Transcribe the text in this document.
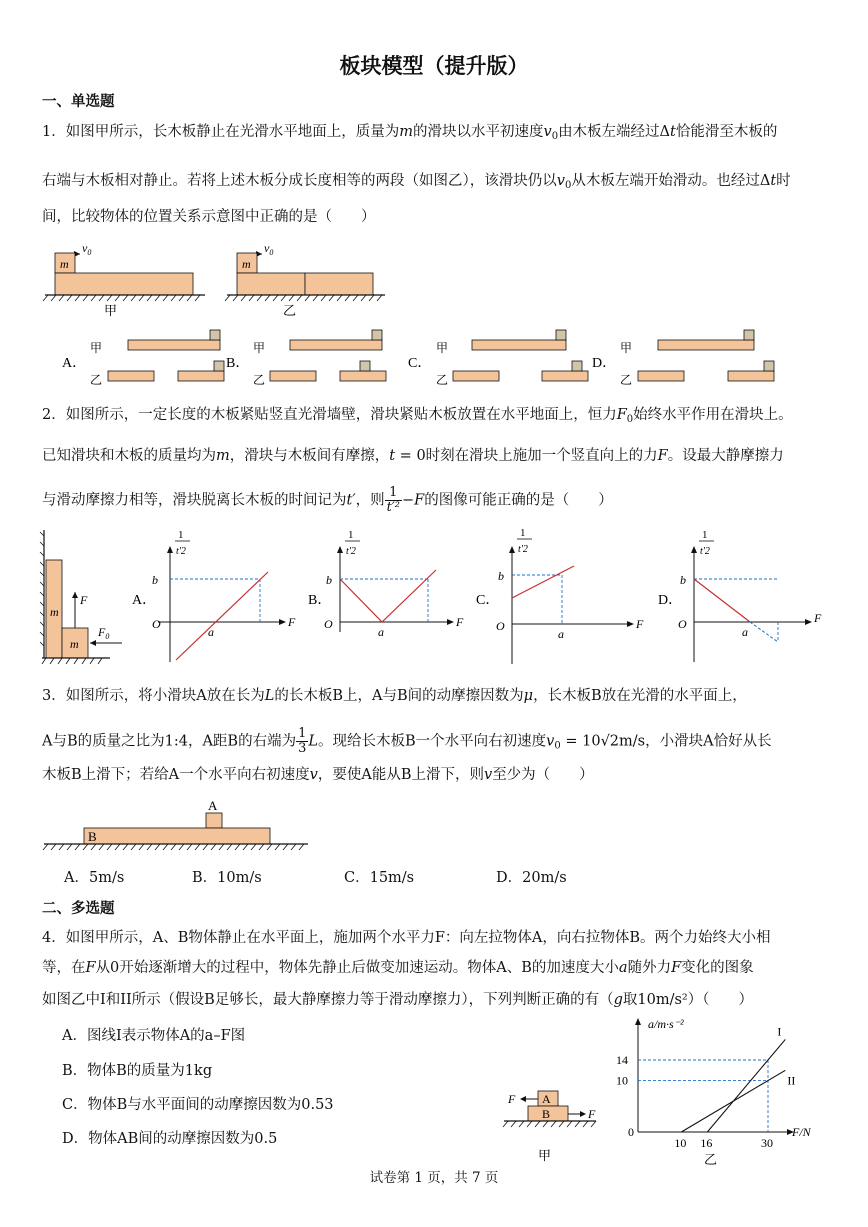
板块模型（提升版）
一、单选题
1．如图甲所示，长木板静止在光滑水平地面上，质量为m的滑块以水平初速度$v_0$由木板左端经过Δt恰能滑至木板的
右端与木板相对静止。若将上述木板分成长度相等的两段（如图乙），该滑块仍以$v_0$从木板左端开始滑动。也经过Δt时
间，比较物体的位置关系示意图中正确的是（　　）
$v_0$
m
甲
$v_0$
m
乙
甲
乙
A．	B．
甲
乙
C．
甲
乙
D．
甲
乙
2．如图所示，一定长度的木板紧贴竖直光滑墙壁，滑块紧贴木板放置在水平地面上，恒力$F_0$始终水平作用在滑块上。
已知滑块和木板的质量均为m，滑块与木板间有摩擦，t = 0时刻在滑块上施加一个竖直向上的力F。设最大静摩擦力
与滑动摩擦力相等，滑块脱离长木板的时间记为t′，则 $\frac{1}{\text{t′²}} -F$的图像可能正确的是（　　）
m
m
F
$F_0$
A．
1
t'2
b
O
a
F
B．
1
t'2
b
O
a
F
C．
1
t'2
b
O
a
F
D．
1
t'2
b
O
a
F
3．如图所示，将小滑块A放在长为L的长木板B上，A与B间的动摩擦因数为μ，长木板B放在光滑的水平面上，
A与B的质量之比为1:4，A距B的右端为 $\frac{1}{3}$ L。现给长木板B一个水平向右初速度$v_0 = 10√2m/s$，小滑块A恰好从长
木板B上滑下；若给A一个水平向右初速度v，要使A能从B上滑下，则v至少为（　　）
A
B
A．5m/s	B．10m/s	C．15m/s	D．20m/s
二、多选题
4．如图甲所示，A、B物体静止在水平面上，施加两个水平力F：向左拉物体A，向右拉物体B。两个力始终大小相
等，在F从0开始逐渐增大的过程中，物体先静止后做变加速运动。物体A、B的加速度大小a随外力F变化的图象
如图乙中I和II所示（假设B足够长，最大静摩擦力等于滑动摩擦力），下列判断正确的有（g取10m/s²）（　　）
A．图线I表示物体A的a–F图
B．物体B的质量为1kg
C．物体B与水平面间的动摩擦因数为0.53
D．物体AB间的动摩擦因数为0.5
A
B
F
F
甲
a/m·s⁻²
F/N
0
10
14
10 16	30
I
II
乙
试卷第 1 页，共 7 页
